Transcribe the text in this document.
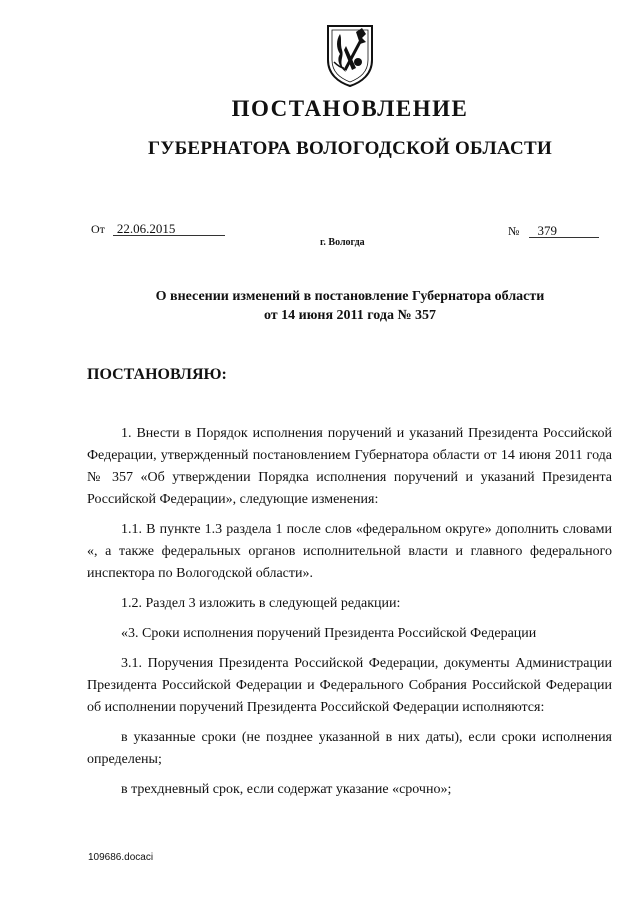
ПОСТАНОВЛЕНИЕ
ГУБЕРНАТОРА ВОЛОГОДСКОЙ ОБЛАСТИ
От 22.06.2015	№ 379
г. Вологда
О внесении изменений в постановление Губернатора области
от 14 июня 2011 года № 357
ПОСТАНОВЛЯЮ:

1. Внести в Порядок исполнения поручений и указаний Президента Российской Федерации, утвержденный постановлением Губернатора области от 14 июня 2011 года № 357 «Об утверждении Порядка исполнения поручений и указаний Президента Российской Федерации», следующие изменения:

1.1. В пункте 1.3 раздела 1 после слов «федеральном округе» дополнить словами «, а также федеральных органов исполнительной власти и главного федерального инспектора по Вологодской области».

1.2. Раздел 3 изложить в следующей редакции:

«3. Сроки исполнения поручений Президента Российской Федерации

3.1. Поручения Президента Российской Федерации, документы Администрации Президента Российской Федерации и Федерального Собрания Российской Федерации об исполнении поручений Президента Российской Федерации исполняются:

в указанные сроки (не позднее указанной в них даты), если сроки исполнения определены;

в трехдневный срок, если содержат указание «срочно»;

109686.docaci
